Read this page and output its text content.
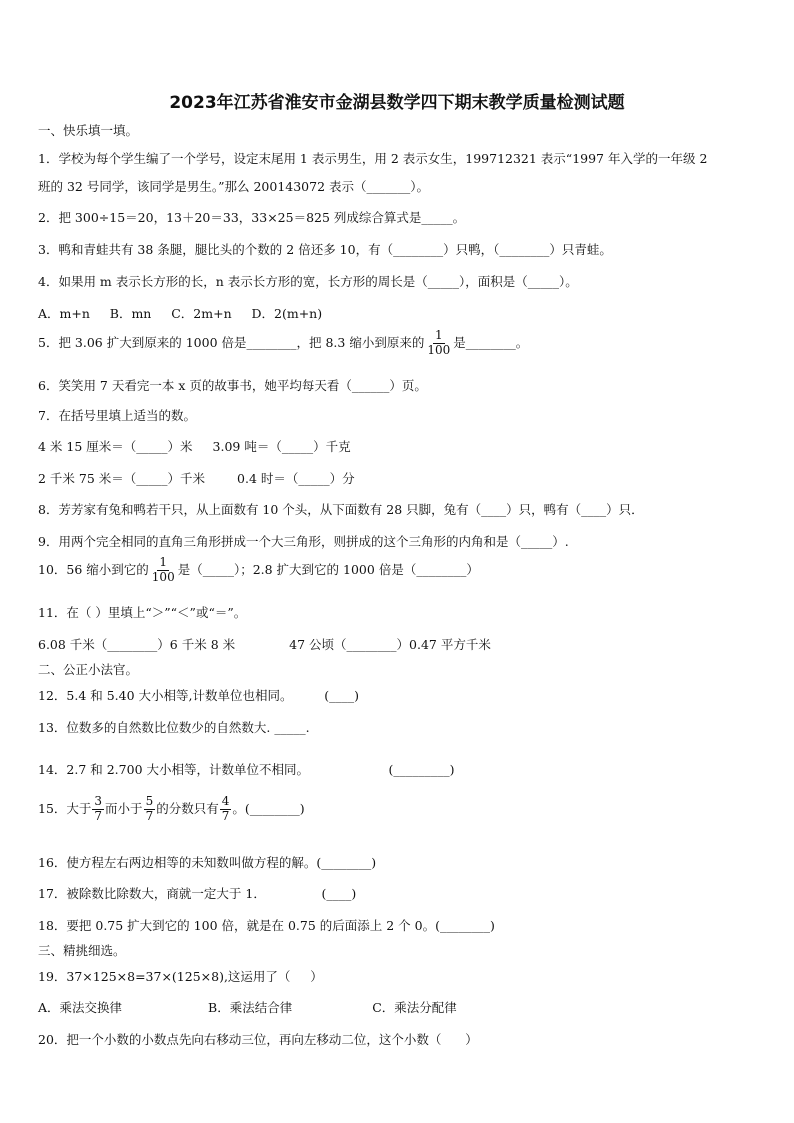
2023年江苏省淮安市金湖县数学四下期末教学质量检测试题
一、快乐填一填。
1．学校为每个学生编了一个学号，设定末尾用 1 表示男生，用 2 表示女生，199712321 表示“1997 年入学的一年级 2
班的 32 号同学，该同学是男生。”那么 200143072 表示（_______）。
2．把 300÷15＝20，13＋20＝33，33×25＝825 列成综合算式是_____。
3．鸭和青蛙共有 38 条腿，腿比头的个数的 2 倍还多 10，有（________）只鸭，（________）只青蛙。
4．如果用 m 表示长方形的长，n 表示长方形的宽，长方形的周长是（_____），面积是（_____）。
A．m+n     B．mn     C．2m+n     D．2(m+n)
5．把 3.06 扩大到原来的 1000 倍是________，把 8.3 缩小到原来的 $\frac{1}{100}$ 是________。
6．笑笑用 7 天看完一本 x 页的故事书，她平均每天看（______）页。
7．在括号里填上适当的数。
4 米 15 厘米＝（_____）米 3.09 吨＝（_____）千克
2 千米 75 米＝（_____）千米	0.4 时＝（_____）分
8．芳芳家有兔和鸭若干只，从上面数有 10 个头，从下面数有 28 只脚，兔有（____）只，鸭有（____）只．
9．用两个完全相同的直角三角形拼成一个大三角形，则拼成的这个三角形的内角和是（_____）.
10．56 缩小到它的 $\frac{1}{100}$ 是（_____）；2.8 扩大到它的 1000 倍是（________）
11．在（ ）里填上“＞”“＜”或“＝”。
6.08 千米（________）6 千米 8 米	47 公顷（________）0.47 平方千米
二、公正小法官。
12．5.4 和 5.40 大小相等,计数单位也相同。        (____)
13．位数多的自然数比位数少的自然数大. _____.
14．2.7 和 2.700 大小相等，计数单位不相同。                    (_________)
15．大于 $\frac{3}{7}$ 而小于 $\frac{5}{7}$ 的分数只有 $\frac{4}{7}$ 。(________)
16．使方程左右两边相等的未知数叫做方程的解。(________)
17．被除数比除数大，商就一定大于 1．              (____)
18．要把 0.75 扩大到它的 100 倍，就是在 0.75 的后面添上 2 个 0。(________)
三、精挑细选。
19．37×125×8=37×(125×8),这运用了（     ）
A．乘法交换律	B．乘法结合律	C．乘法分配律
20．把一个小数的小数点先向右移动三位，再向左移动二位，这个小数（      ）
